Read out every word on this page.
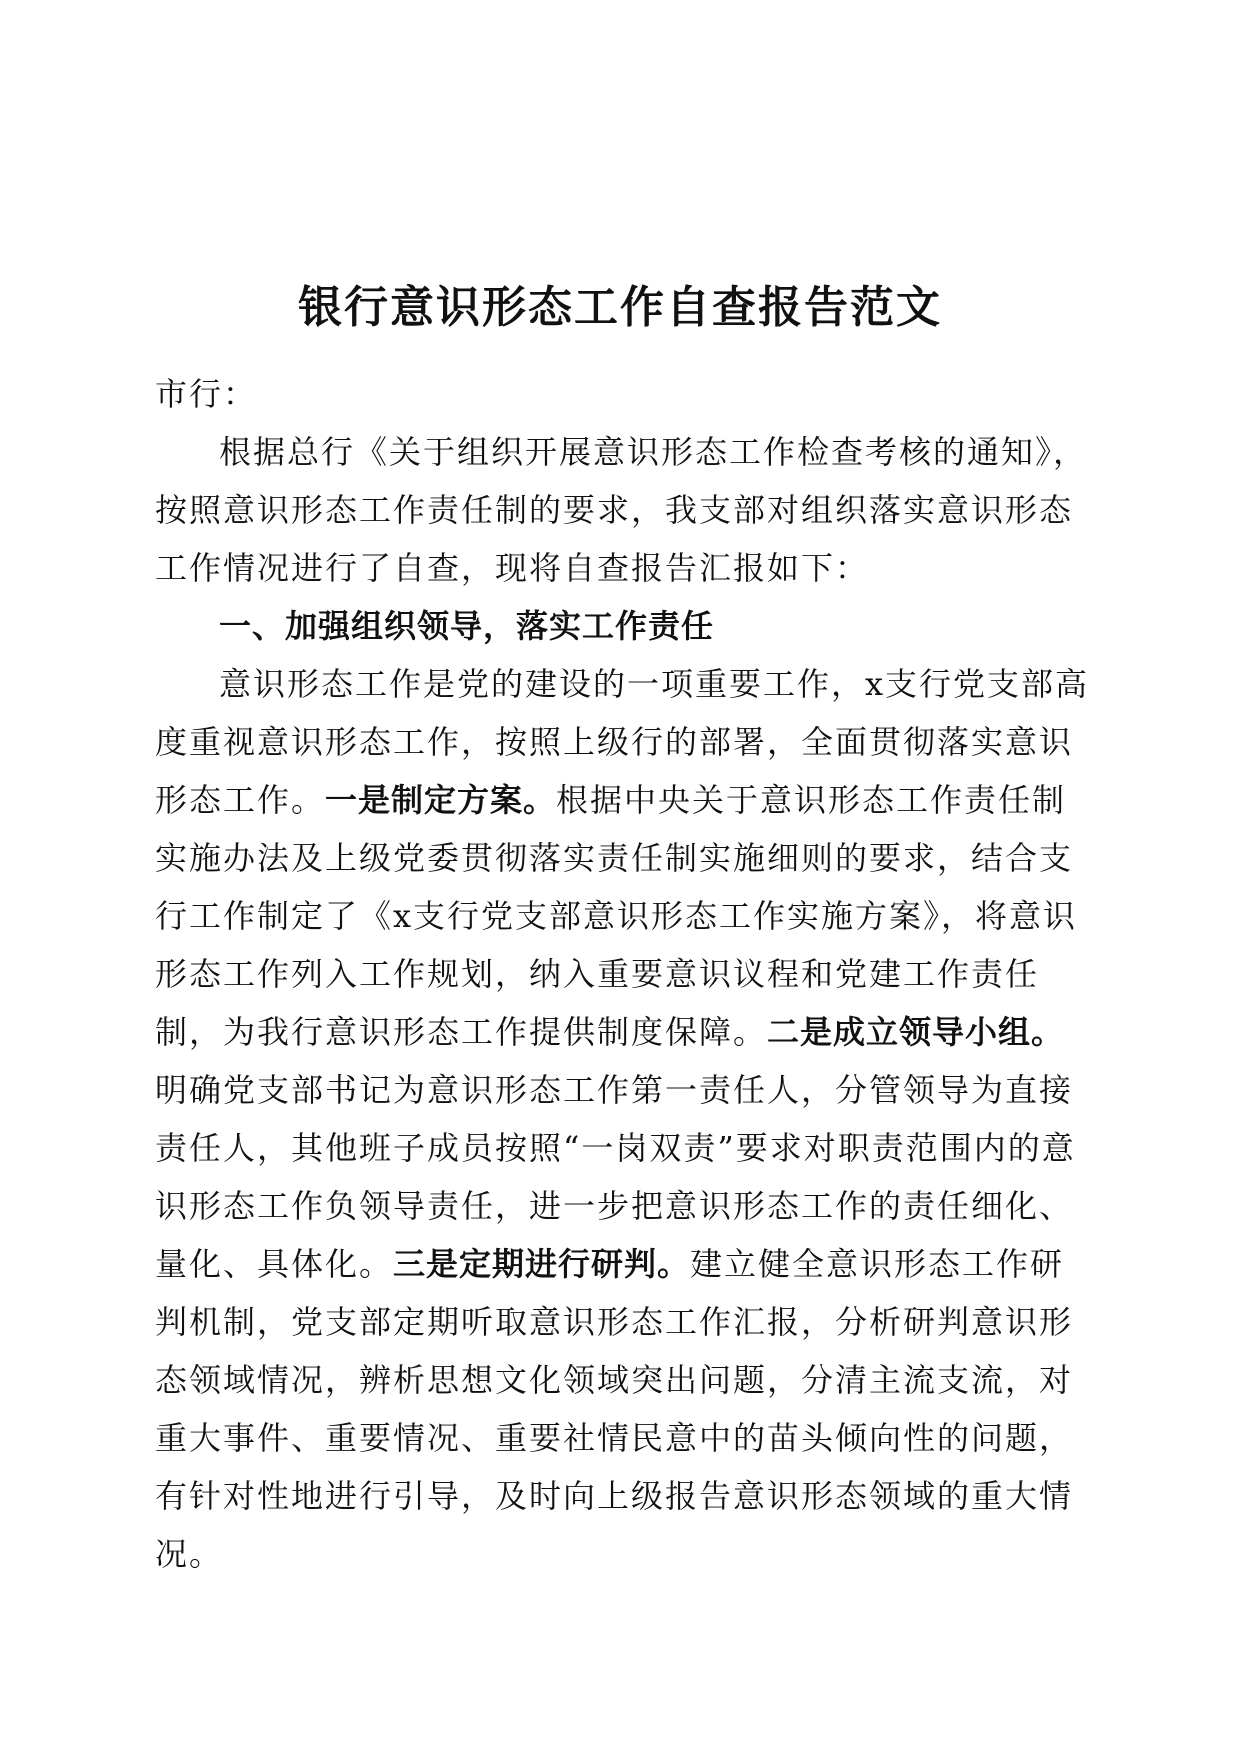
银行意识形态工作自查报告范文

市行：

根据总行《关于组织开展意识形态工作检查考核的通知》，按照意识形态工作责任制的要求，我支部对组织落实意识形态工作情况进行了自查，现将自查报告汇报如下：

一、加强组织领导，落实工作责任

意识形态工作是党的建设的一项重要工作，x支行党支部高度重视意识形态工作，按照上级行的部署，全面贯彻落实意识形态工作。一是制定方案。根据中央关于意识形态工作责任制实施办法及上级党委贯彻落实责任制实施细则的要求，结合支行工作制定了《x支行党支部意识形态工作实施方案》，将意识形态工作列入工作规划，纳入重要意识议程和党建工作责任制，为我行意识形态工作提供制度保障。二是成立领导小组。明确党支部书记为意识形态工作第一责任人，分管领导为直接责任人，其他班子成员按照“一岗双责”要求对职责范围内的意识形态工作负领导责任，进一步把意识形态工作的责任细化、量化、具体化。三是定期进行研判。建立健全意识形态工作研判机制，党支部定期听取意识形态工作汇报，分析研判意识形态领域情况，辨析思想文化领域突出问题，分清主流支流，对重大事件、重要情况、重要社情民意中的苗头倾向性的问题，有针对性地进行引导，及时向上级报告意识形态领域的重大情况。
